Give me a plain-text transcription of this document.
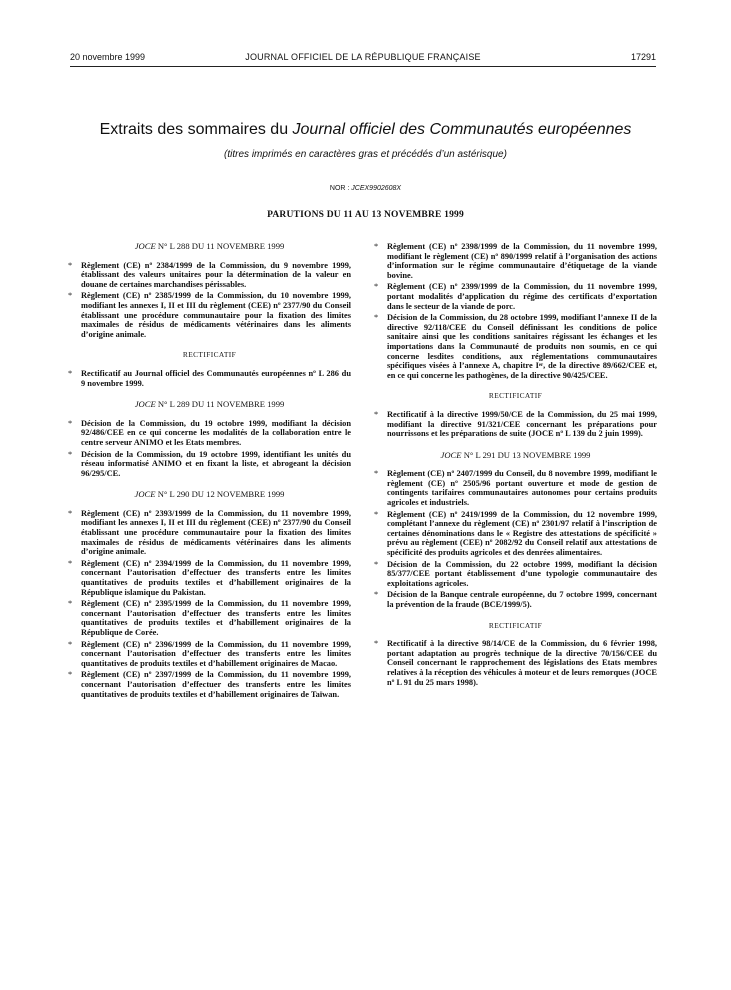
20 novembre 1999	JOURNAL OFFICIEL DE LA RÉPUBLIQUE FRANÇAISE	17291
Extraits des sommaires du Journal officiel des Communautés européennes
(titres imprimés en caractères gras et précédés d’un astérisque)
NOR : JCEX9902608X
PARUTIONS DU 11 AU 13 NOVEMBRE 1999
JOCE N° L 288 DU 11 NOVEMBRE 1999
* Règlement (CE) nº 2384/1999 de la Commission, du 9 novembre 1999, établissant des valeurs unitaires pour la détermination de la valeur en douane de certaines marchandises périssables.
* Règlement (CE) nº 2385/1999 de la Commission, du 10 novembre 1999, modifiant les annexes I, II et III du règlement (CEE) nº 2377/90 du Conseil établissant une procédure communautaire pour la fixation des limites maximales de résidus de médicaments vétérinaires dans les aliments d’origine animale.
RECTIFICATIF
* Rectificatif au Journal officiel des Communautés européennes nº L 286 du 9 novembre 1999.
JOCE N° L 289 DU 11 NOVEMBRE 1999
* Décision de la Commission, du 19 octobre 1999, modifiant la décision 92/486/CEE en ce qui concerne les modalités de la collaboration entre le centre serveur ANIMO et les Etats membres.
* Décision de la Commission, du 19 octobre 1999, identifiant les unités du réseau informatisé ANIMO et en fixant la liste, et abrogeant la décision 96/295/CE.
JOCE N° L 290 DU 12 NOVEMBRE 1999
* Règlement (CE) nº 2393/1999 de la Commission, du 11 novembre 1999, modifiant les annexes I, II et III du règlement (CEE) nº 2377/90 du Conseil établissant une procédure communautaire pour la fixation des limites maximales de résidus de médicaments vétérinaires dans les aliments d’origine animale.
* Règlement (CE) nº 2394/1999 de la Commission, du 11 novembre 1999, concernant l’autorisation d’effectuer des transferts entre les limites quantitatives de produits textiles et d’habillement originaires de la République islamique du Pakistan.
* Règlement (CE) nº 2395/1999 de la Commission, du 11 novembre 1999, concernant l’autorisation d’effectuer des transferts entre les limites quantitatives de produits textiles et d’habillement originaires de la République de Corée.
* Règlement (CE) nº 2396/1999 de la Commission, du 11 novembre 1999, concernant l’autorisation d’effectuer des transferts entre les limites quantitatives de produits textiles et d’habillement originaires de Macao.
* Règlement (CE) nº 2397/1999 de la Commission, du 11 novembre 1999, concernant l’autorisation d’effectuer des transferts entre les limites quantitatives de produits textiles et d’habillement originaires de Taïwan.
* Règlement (CE) nº 2398/1999 de la Commission, du 11 novembre 1999, modifiant le règlement (CE) nº 890/1999 relatif à l’organisation des actions d’information sur le régime communautaire d’étiquetage de la viande bovine.
* Règlement (CE) nº 2399/1999 de la Commission, du 11 novembre 1999, portant modalités d’application du régime des certificats d’exportation dans le secteur de la viande de porc.
* Décision de la Commission, du 28 octobre 1999, modifiant l’annexe II de la directive 92/118/CEE du Conseil définissant les conditions de police sanitaire ainsi que les conditions sanitaires régissant les échanges et les importations dans la Communauté de produits non soumis, en ce qui concerne lesdites conditions, aux réglementations communautaires spécifiques visées à l’annexe A, chapitre Iᵉʳ, de la directive 89/662/CEE et, en ce qui concerne les pathogènes, de la directive 90/425/CEE.
RECTIFICATIF
* Rectificatif à la directive 1999/50/CE de la Commission, du 25 mai 1999, modifiant la directive 91/321/CEE concernant les préparations pour nourrissons et les préparations de suite (JOCE nº L 139 du 2 juin 1999).
JOCE N° L 291 DU 13 NOVEMBRE 1999
* Règlement (CE) nº 2407/1999 du Conseil, du 8 novembre 1999, modifiant le règlement (CE) nº 2505/96 portant ouverture et mode de gestion de contingents tarifaires communautaires autonomes pour certains produits agricoles et industriels.
* Règlement (CE) nº 2419/1999 de la Commission, du 12 novembre 1999, complétant l’annexe du règlement (CE) nº 2301/97 relatif à l’inscription de certaines dénominations dans le « Registre des attestations de spécificité » prévu au règlement (CEE) nº 2082/92 du Conseil relatif aux attestations de spécificité des produits agricoles et des denrées alimentaires.
* Décision de la Commission, du 22 octobre 1999, modifiant la décision 85/377/CEE portant établissement d’une typologie communautaire des exploitations agricoles.
* Décision de la Banque centrale européenne, du 7 octobre 1999, concernant la prévention de la fraude (BCE/1999/5).
RECTIFICATIF
* Rectificatif à la directive 98/14/CE de la Commission, du 6 février 1998, portant adaptation au progrès technique de la directive 70/156/CEE du Conseil concernant le rapprochement des législations des Etats membres relatives à la réception des véhicules à moteur et de leurs remorques (JOCE nº L 91 du 25 mars 1998).
